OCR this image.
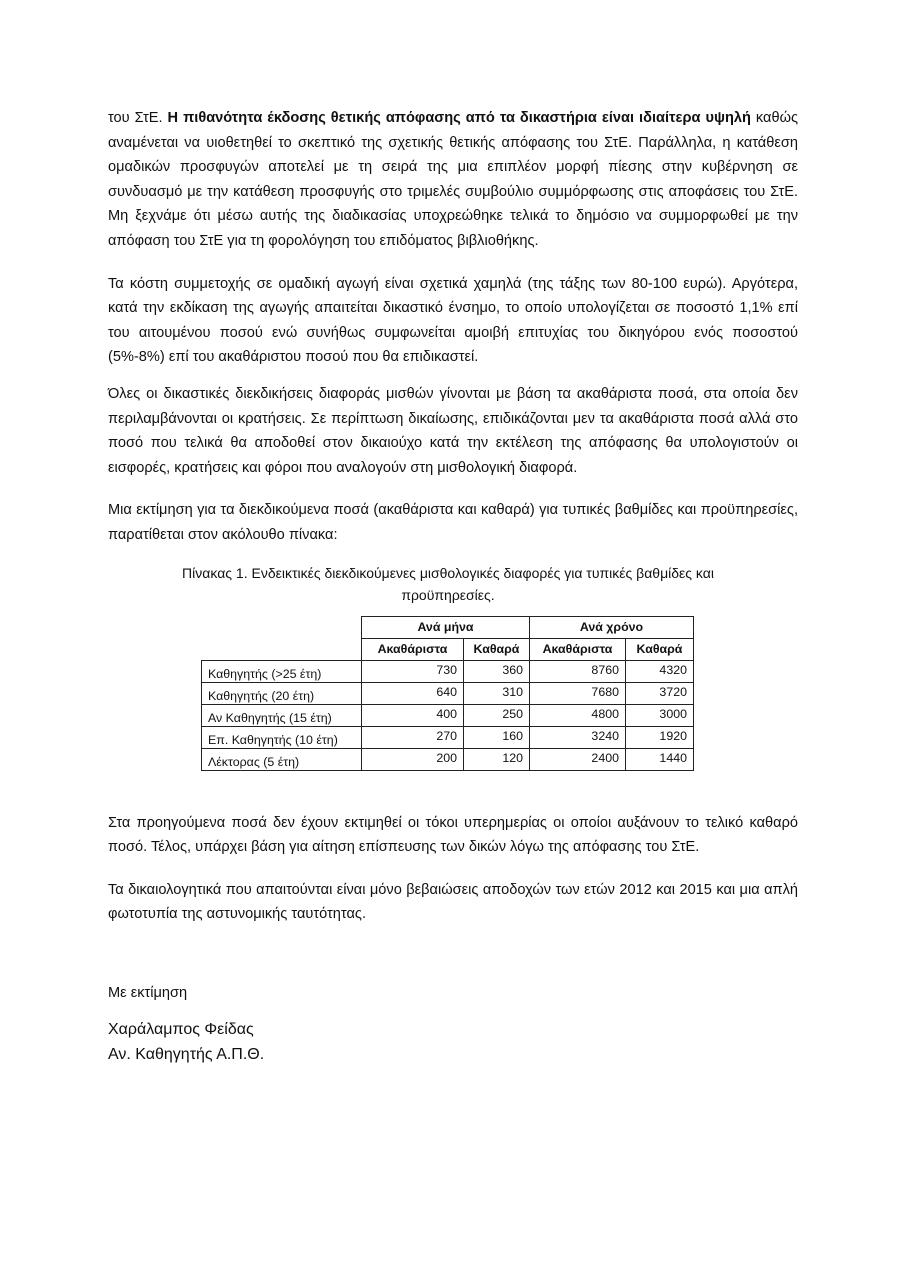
του ΣτΕ. Η πιθανότητα έκδοσης θετικής απόφασης από τα δικαστήρια είναι ιδιαίτερα υψηλή καθώς αναμένεται να υιοθετηθεί το σκεπτικό της σχετικής θετικής απόφασης του ΣτΕ. Παράλληλα, η κατάθεση ομαδικών προσφυγών αποτελεί με τη σειρά της μια επιπλέον μορφή πίεσης στην κυβέρνηση σε συνδυασμό με την κατάθεση προσφυγής στο τριμελές συμβούλιο συμμόρφωσης στις αποφάσεις του ΣτΕ. Μη ξεχνάμε ότι μέσω αυτής της διαδικασίας υποχρεώθηκε τελικά το δημόσιο να συμμορφωθεί με την απόφαση του ΣτΕ για τη φορολόγηση του επιδόματος βιβλιοθήκης.

Τα κόστη συμμετοχής σε ομαδική αγωγή είναι σχετικά χαμηλά (της τάξης των 80-100 ευρώ). Αργότερα, κατά την εκδίκαση της αγωγής απαιτείται δικαστικό ένσημο, το οποίο υπολογίζεται σε ποσοστό 1,1% επί του αιτουμένου ποσού ενώ συνήθως συμφωνείται αμοιβή επιτυχίας του δικηγόρου ενός ποσοστού (5%-8%) επί του ακαθάριστου ποσού που θα επιδικαστεί.

Όλες οι δικαστικές διεκδικήσεις διαφοράς μισθών γίνονται με βάση τα ακαθάριστα ποσά, στα οποία δεν περιλαμβάνονται οι κρατήσεις. Σε περίπτωση δικαίωσης, επιδικάζονται μεν τα ακαθάριστα ποσά αλλά στο ποσό που τελικά θα αποδοθεί στον δικαιούχο κατά την εκτέλεση της απόφασης θα υπολογιστούν οι εισφορές, κρατήσεις και φόροι που αναλογούν στη μισθολογική διαφορά.

Μια εκτίμηση για τα διεκδικούμενα ποσά (ακαθάριστα και καθαρά) για τυπικές βαθμίδες και προϋπηρεσίες, παρατίθεται στον ακόλουθο πίνακα:

Πίνακας 1. Ενδεικτικές διεκδικούμενες μισθολογικές διαφορές για τυπικές βαθμίδες και προϋπηρεσίες.

	Ανά μήνα		Ανά χρόνο	
	Ακαθάριστα	Καθαρά	Ακαθάριστα	Καθαρά
Καθηγητής (>25 έτη)	730	360	8760	4320
Καθηγητής (20 έτη)	640	310	7680	3720
Αν Καθηγητής (15 έτη)	400	250	4800	3000
Επ. Καθηγητής (10 έτη)	270	160	3240	1920
Λέκτορας (5 έτη)	200	120	2400	1440

Στα προηγούμενα ποσά δεν έχουν εκτιμηθεί οι τόκοι υπερημερίας οι οποίοι αυξάνουν το τελικό καθαρό ποσό. Τέλος, υπάρχει βάση για αίτηση επίσπευσης των δικών λόγω της απόφασης του ΣτΕ.

Τα δικαιολογητικά που απαιτούνται είναι μόνο βεβαιώσεις αποδοχών των ετών 2012 και 2015 και μια απλή φωτοτυπία της αστυνομικής ταυτότητας.

Με εκτίμηση

Χαράλαμπος Φείδας
Αν. Καθηγητής Α.Π.Θ.
